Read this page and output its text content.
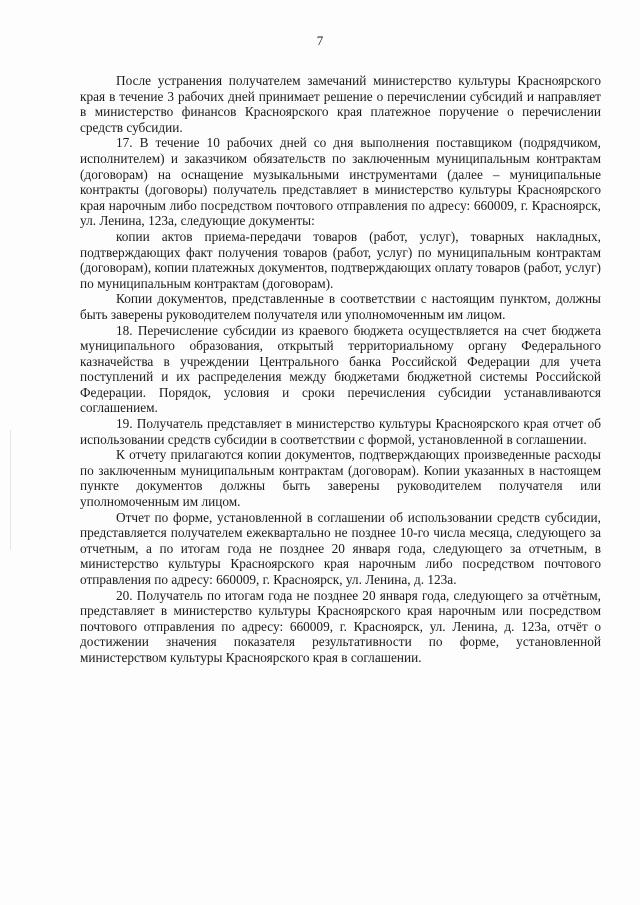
7

После устранения получателем замечаний министерство культуры Красноярского края в течение 3 рабочих дней принимает решение о перечислении субсидий и направляет в министерство финансов Красноярского края платежное поручение о перечислении средств субсидии.

17. В течение 10 рабочих дней со дня выполнения поставщиком (подрядчиком, исполнителем) и заказчиком обязательств по заключенным муниципальным контрактам (договорам) на оснащение музыкальными инструментами (далее – муниципальные контракты (договоры) получатель представляет в министерство культуры Красноярского края нарочным либо посредством почтового отправления по адресу: 660009, г. Красноярск, ул. Ленина, 123а, следующие документы:

копии актов приема-передачи товаров (работ, услуг), товарных накладных, подтверждающих факт получения товаров (работ, услуг) по муниципальным контрактам (договорам), копии платежных документов, подтверждающих оплату товаров (работ, услуг) по муниципальным контрактам (договорам).

Копии документов, представленные в соответствии с настоящим пунктом, должны быть заверены руководителем получателя или уполномоченным им лицом.

18. Перечисление субсидии из краевого бюджета осуществляется на счет бюджета муниципального образования, открытый территориальному органу Федерального казначейства в учреждении Центрального банка Российской Федерации для учета поступлений и их распределения между бюджетами бюджетной системы Российской Федерации. Порядок, условия и сроки перечисления субсидии устанавливаются соглашением.

19. Получатель представляет в министерство культуры Красноярского края отчет об использовании средств субсидии в соответствии с формой, установленной в соглашении.

К отчету прилагаются копии документов, подтверждающих произведенные расходы по заключенным муниципальным контрактам (договорам). Копии указанных в настоящем пункте документов должны быть заверены руководителем получателя или уполномоченным им лицом.

Отчет по форме, установленной в соглашении об использовании средств субсидии, представляется получателем ежеквартально не позднее 10-го числа месяца, следующего за отчетным, а по итогам года не позднее 20 января года, следующего за отчетным, в министерство культуры Красноярского края нарочным либо посредством почтового отправления по адресу: 660009, г. Красноярск, ул. Ленина, д. 123а.

20. Получатель по итогам года не позднее 20 января года, следующего за отчётным, представляет в министерство культуры Красноярского края нарочным или посредством почтового отправления по адресу: 660009, г. Красноярск, ул. Ленина, д. 123а, отчёт о достижении значения показателя результативности по форме, установленной министерством культуры Красноярского края в соглашении.
